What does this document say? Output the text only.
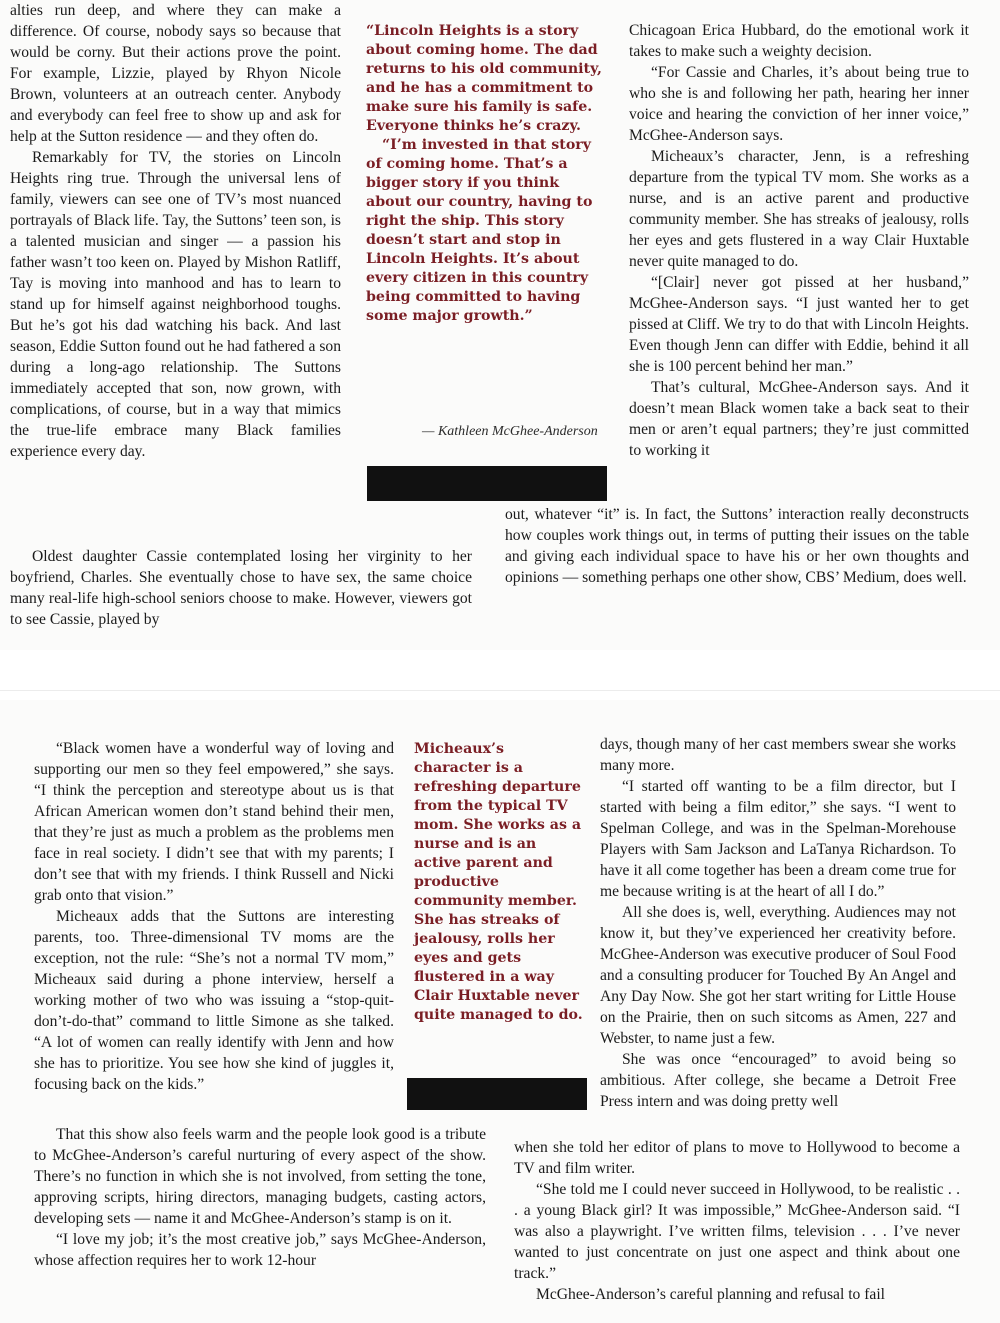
alties run deep, and where they can make a difference. Of course, nobody says so because that would be corny. But their actions prove the point. For example, Lizzie, played by Rhyon Nicole Brown, volunteers at an outreach center. Anybody and everybody can feel free to show up and ask for help at the Sutton residence — and they often do.

Remarkably for TV, the stories on Lincoln Heights ring true. Through the universal lens of family, viewers can see one of TV’s most nuanced portrayals of Black life. Tay, the Suttons’ teen son, is a talented musician and singer — a passion his father wasn’t too keen on. Played by Mishon Ratliff, Tay is moving into manhood and has to learn to stand up for himself against neighborhood toughs. But he’s got his dad watching his back. And last season, Eddie Sutton found out he had fathered a son during a long-ago relationship. The Suttons immediately accepted that son, now grown, with complications, of course, but in a way that mimics the true-life embrace many Black families experience every day.

Oldest daughter Cassie contemplated losing her virginity to her boyfriend, Charles. She eventually chose to have sex, the same choice many real-life high-school seniors choose to make. However, viewers got to see Cassie, played by

“Lincoln Heights is a story about coming home. The dad returns to his old community, and he has a commitment to make sure his family is safe. Everyone thinks he’s crazy.

“I’m invested in that story of coming home. That’s a bigger story if you think about our country, having to right the ship. This story doesn’t start and stop in Lincoln Heights. It’s about every citizen in this country being committed to having some major growth.”

— Kathleen McGhee-Anderson

Chicagoan Erica Hubbard, do the emotional work it takes to make such a weighty decision.

“For Cassie and Charles, it’s about being true to who she is and following her path, hearing her inner voice and hearing the conviction of her inner voice,” McGhee-Anderson says.

Micheaux’s character, Jenn, is a refreshing departure from the typical TV mom. She works as a nurse, and is an active parent and productive community member. She has streaks of jealousy, rolls her eyes and gets flustered in a way Clair Huxtable never quite managed to do.

“[Clair] never got pissed at her husband,” McGhee-Anderson says. “I just wanted her to get pissed at Cliff. We try to do that with Lincoln Heights. Even though Jenn can differ with Eddie, behind it all she is 100 percent behind her man.”

That’s cultural, McGhee-Anderson says. And it doesn’t mean Black women take a back seat to their men or aren’t equal partners; they’re just committed to working it

out, whatever “it” is. In fact, the Suttons’ interaction really deconstructs how couples work things out, in terms of putting their issues on the table and giving each individual space to have his or her own thoughts and opinions — something perhaps one other show, CBS’ Medium, does well.

“Black women have a wonderful way of loving and supporting our men so they feel empowered,” she says. “I think the perception and stereotype about us is that African American women don’t stand behind their men, that they’re just as much a problem as the problems men face in real society. I didn’t see that with my parents; I don’t see that with my friends. I think Russell and Nicki grab onto that vision.”

Micheaux adds that the Suttons are interesting parents, too. Three-dimensional TV moms are the exception, not the rule: “She’s not a normal TV mom,” Micheaux said during a phone interview, herself a working mother of two who was issuing a “stop-quit-don’t-do-that” command to little Simone as she talked. “A lot of women can really identify with Jenn and how she has to prioritize. You see how she kind of juggles it, focusing back on the kids.”

That this show also feels warm and the people look good is a tribute to McGhee-Anderson’s careful nurturing of every aspect of the show. There’s no function in which she is not involved, from setting the tone, approving scripts, hiring directors, managing budgets, casting actors, developing sets — name it and McGhee-Anderson’s stamp is on it.

“I love my job; it’s the most creative job,” says McGhee-Anderson, whose affection requires her to work 12-hour

Micheaux’s character is a refreshing departure from the typical TV mom. She works as a nurse and is an active parent and productive community member. She has streaks of jealousy, rolls her eyes and gets flustered in a way Clair Huxtable never quite managed to do.

days, though many of her cast members swear she works many more.

“I started off wanting to be a film director, but I started with being a film editor,” she says. “I went to Spelman College, and was in the Spelman-Morehouse Players with Sam Jackson and LaTanya Richardson. To have it all come together has been a dream come true for me because writing is at the heart of all I do.”

All she does is, well, everything. Audiences may not know it, but they’ve experienced her creativity before. McGhee-Anderson was executive producer of Soul Food and a consulting producer for Touched By An Angel and Any Day Now. She got her start writing for Little House on the Prairie, then on such sitcoms as Amen, 227 and Webster, to name just a few.

She was once “encouraged” to avoid being so ambitious. After college, she became a Detroit Free Press intern and was doing pretty well

when she told her editor of plans to move to Hollywood to become a TV and film writer.

“She told me I could never succeed in Hollywood, to be realistic . . . a young Black girl? It was impossible,” McGhee-Anderson said. “I was also a playwright. I’ve written films, television . . . I’ve never wanted to just concentrate on just one aspect and think about one track.”

McGhee-Anderson’s careful planning and refusal to fail
